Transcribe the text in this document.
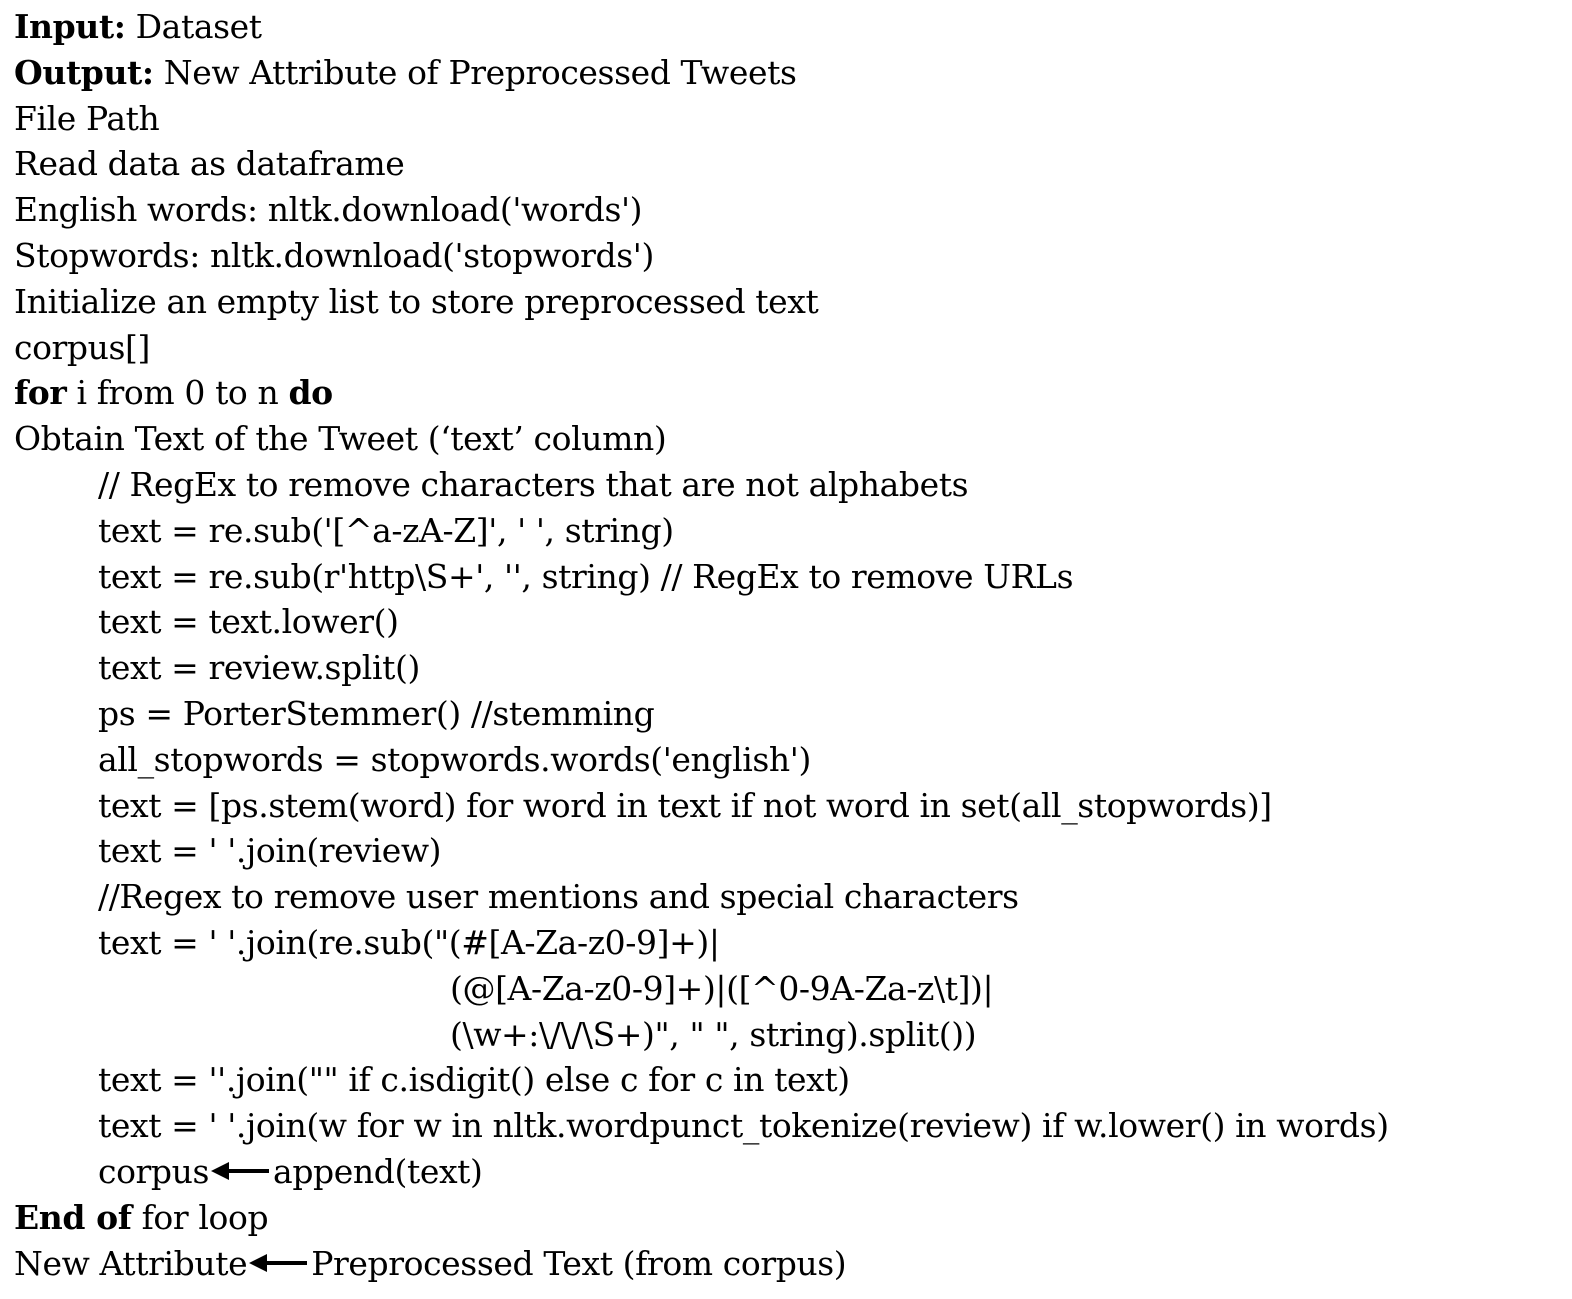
Input: Dataset
Output: New Attribute of Preprocessed Tweets
File Path
Read data as dataframe
English words: nltk.download('words')
Stopwords: nltk.download('stopwords')
Initialize an empty list to store preprocessed text
corpus[]
for i from 0 to n do
Obtain Text of the Tweet (‘text’ column)
// RegEx to remove characters that are not alphabets
text = re.sub('[^a-zA-Z]', ' ', string)
text = re.sub(r'http\S+', '', string) // RegEx to remove URLs
text = text.lower()
text = review.split()
ps = PorterStemmer() //stemming
all_stopwords = stopwords.words('english')
text = [ps.stem(word) for word in text if not word in set(all_stopwords)]
text = ' '.join(review)
//Regex to remove user mentions and special characters
text = ' '.join(re.sub("(#[A-Za-z0-9]+)|
(@[A-Za-z0-9]+)|([^0-9A-Za-z\t])|
(\w+:\/\/\S+)", " ", string).split())
text = ''.join("" if c.isdigit() else c for c in text)
text = ' '.join(w for w in nltk.wordpunct_tokenize(review) if w.lower() in words)
corpus append(text)
End of for loop
New Attribute Preprocessed Text (from corpus)
